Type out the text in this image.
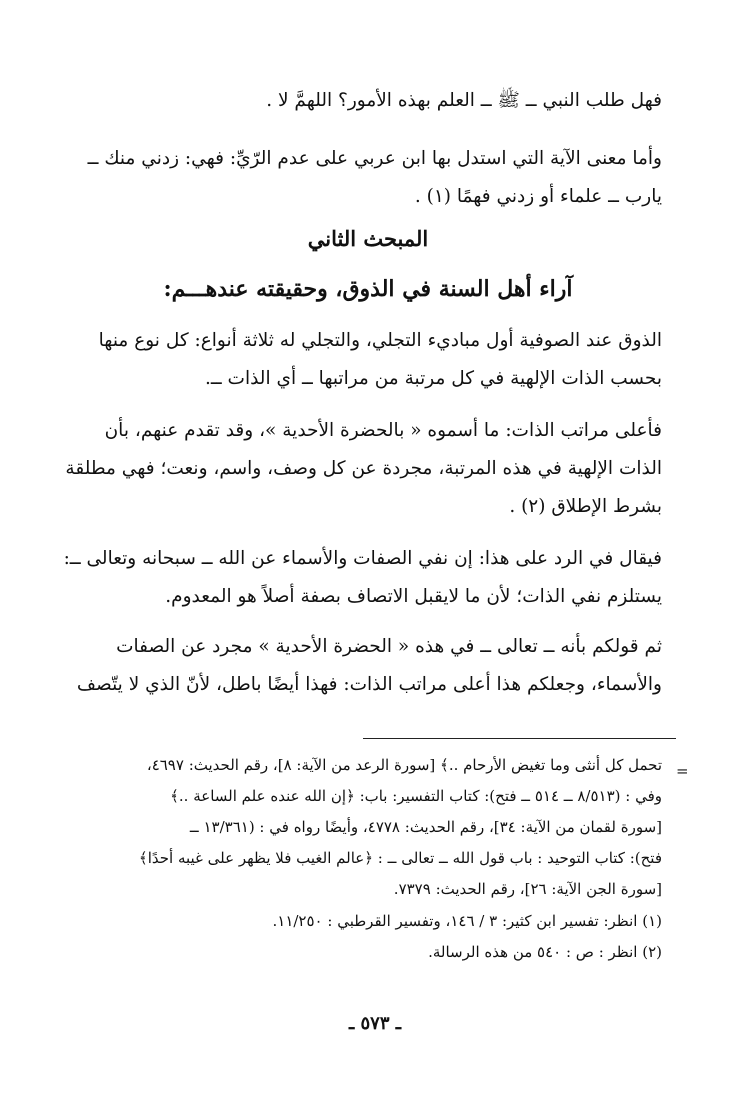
فهل طلب النبي ــ ﷺ ــ العلم بهذه الأمور؟ اللهمَّ لا .
وأما معنى الآية التي استدل بها ابن عربي على عدم الرّيِّ: فهي: زدني منك ــ
يارب ــ علماء أو زدني فهمًا (١) .
المبحث الثاني
آراء أهل السنة في الذوق، وحقيقته عندهـــم:
الذوق عند الصوفية أول مباديء التجلي، والتجلي له ثلاثة أنواع: كل نوع منها
بحسب الذات الإلهية في كل مرتبة من مراتبها ــ أي الذات ــ.
فأعلى مراتب الذات: ما أسموه « بالحضرة الأحدية »، وقد تقدم عنهم، بأن
الذات الإلهية في هذه المرتبة، مجردة عن كل وصف، واسم، ونعت؛ فهي مطلقة
بشرط الإطلاق (٢) .
فيقال في الرد على هذا: إن نفي الصفات والأسماء عن الله ــ سبحانه وتعالى ــ:
يستلزم نفي الذات؛ لأن ما لايقبل الاتصاف بصفة أصلاً هو المعدوم.
ثم قولكم بأنه ــ تعالى ــ في هذه « الحضرة الأحدية » مجرد عن الصفات
والأسماء، وجعلكم هذا أعلى مراتب الذات: فهذا أيضًا باطل، لأنّ الذي لا يتّصف
=
تحمل كل أنثى وما تغيض الأرحام ..﴾ [سورة الرعد من الآية: ٨]، رقم الحديث: ٤٦٩٧،
وفي : (٨/٥١٣ ــ ٥١٤ ــ فتح): كتاب التفسير: باب: ﴿إن الله عنده علم الساعة ..﴾
[سورة لقمان من الآية: ٣٤]، رقم الحديث: ٤٧٧٨، وأيضًا رواه في : (١٣/٣٦١ ــ
فتح): كتاب التوحيد : باب قول الله ــ تعالى ــ : ﴿عالم الغيب فلا يظهر على غيبه أحدًا﴾
[سورة الجن الآية: ٢٦]، رقم الحديث: ٧٣٧٩.
(١) انظر: تفسير ابن كثير: ٣ / ١٤٦، وتفسير القرطبي : ١١/٢٥٠.
(٢) انظر : ص : ٥٤٠ من هذه الرسالة.
ـ ٥٧٣ ـ
